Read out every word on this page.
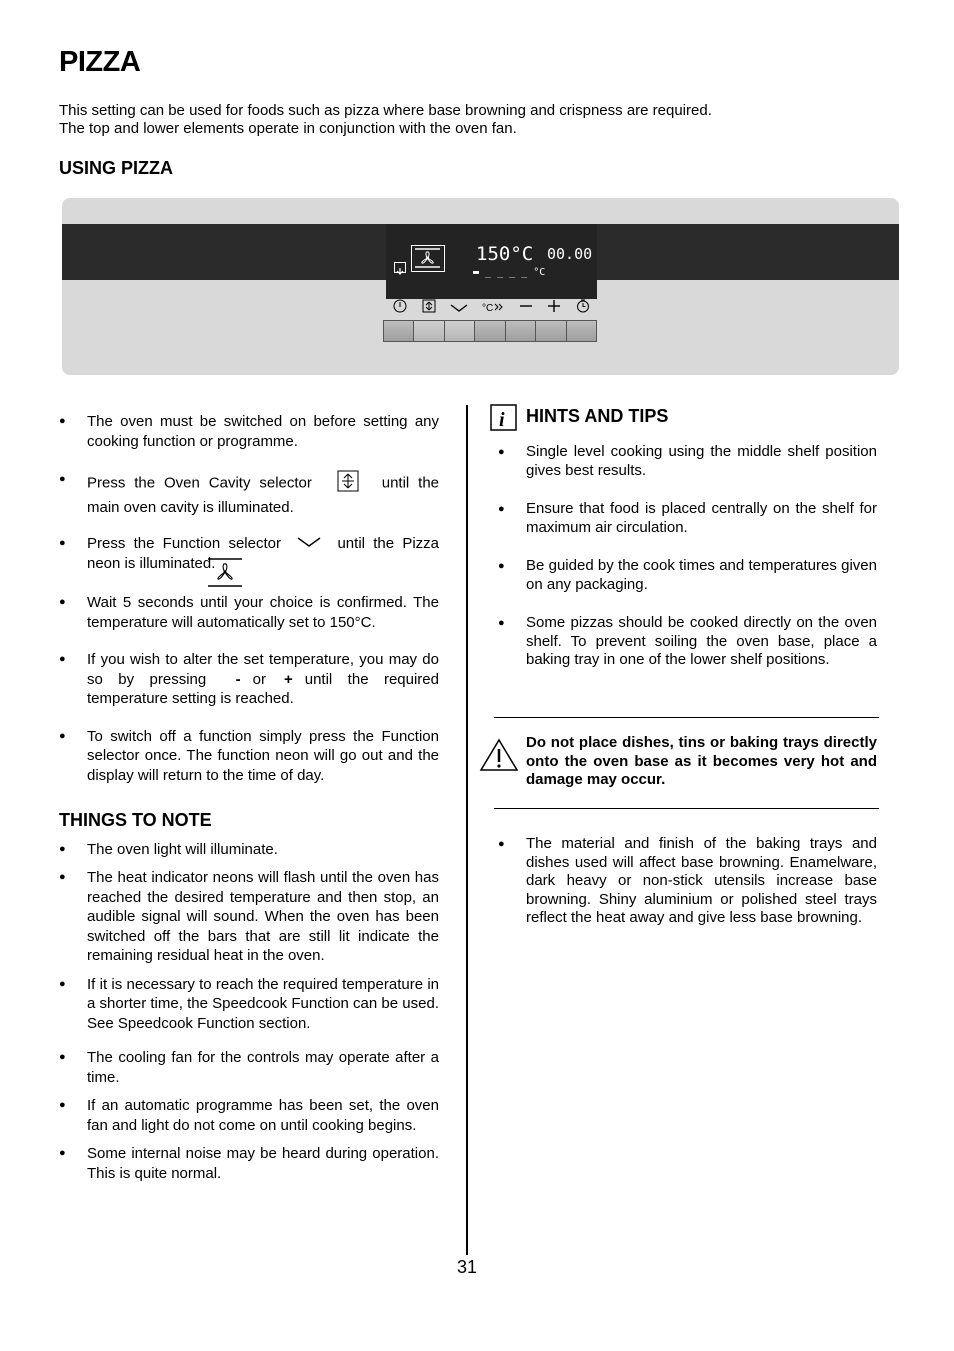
PIZZA
This setting can be used for foods such as pizza where base browning and crispness are required.
The top and lower elements operate in conjunction with the oven fan.
USING PIZZA
150°C 00.00
▬ _ _ _ _ °C
°C
● The oven must be switched on before setting any cooking function or programme.
● Press the Oven Cavity selector	until the main oven cavity is illuminated.
● Press the Function selector	until the Pizza neon is illuminated.
● Wait 5 seconds until your choice is confirmed. The temperature will automatically set to 150°C.
● If you wish to alter the set temperature, you may do so by pressing - or + until the required temperature setting is reached.
● To switch off a function simply press the Function selector once. The function neon will go out and the display will return to the time of day.
THINGS TO NOTE
● The oven light will illuminate.
● The heat indicator neons will flash until the oven has reached the desired temperature and then stop, an audible signal will sound. When the oven has been switched off the bars that are still lit indicate the remaining residual heat in the oven.
● If it is necessary to reach the required temperature in a shorter time, the Speedcook Function can be used. See Speedcook Function section.
● The cooling fan for the controls may operate after a time.
● If an automatic programme has been set, the oven fan and light do not come on until cooking begins.
● Some internal noise may be heard during operation. This is quite normal.
i HINTS AND TIPS
● Single level cooking using the middle shelf position gives best results.
● Ensure that food is placed centrally on the shelf for maximum air circulation.
● Be guided by the cook times and temperatures given on any packaging.
● Some pizzas should be cooked directly on the oven shelf. To prevent soiling the oven base, place a baking tray in one of the lower shelf positions.
Do not place dishes, tins or baking trays directly onto the oven base as it becomes very hot and damage may occur.
● The material and finish of the baking trays and dishes used will affect base browning. Enamelware, dark heavy or non-stick utensils increase base browning. Shiny aluminium or polished steel trays reflect the heat away and give less base browning.
31
